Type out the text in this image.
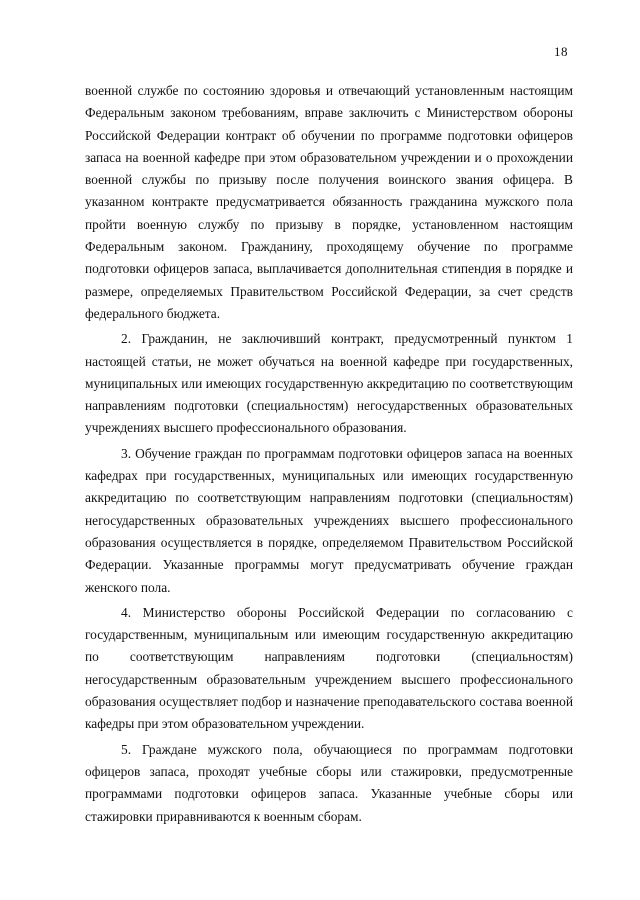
18

военной службе по состоянию здоровья и отвечающий установленным настоящим Федеральным законом требованиям, вправе заключить с Министерством обороны Российской Федерации контракт об обучении по программе подготовки офицеров запаса на военной кафедре при этом образовательном учреждении и о прохождении военной службы по призыву после получения воинского звания офицера. В указанном контракте предусматривается обязанность гражданина мужского пола пройти военную службу по призыву в порядке, установленном настоящим Федеральным законом. Гражданину, проходящему обучение по программе подготовки офицеров запаса, выплачивается дополнительная стипендия в порядке и размере, определяемых Правительством Российской Федерации, за счет средств федерального бюджета.

2. Гражданин, не заключивший контракт, предусмотренный пунктом 1 настоящей статьи, не может обучаться на военной кафедре при государственных, муниципальных или имеющих государственную аккредитацию по соответствующим направлениям подготовки (специальностям) негосударственных образовательных учреждениях высшего профессионального образования.

3. Обучение граждан по программам подготовки офицеров запаса на военных кафедрах при государственных, муниципальных или имеющих государственную аккредитацию по соответствующим направлениям подготовки (специальностям) негосударственных образовательных учреждениях высшего профессионального образования осуществляется в порядке, определяемом Правительством Российской Федерации. Указанные программы могут предусматривать обучение граждан женского пола.

4. Министерство обороны Российской Федерации по согласованию с государственным, муниципальным или имеющим государственную аккредитацию по соответствующим направлениям подготовки (специальностям) негосударственным образовательным учреждением высшего профессионального образования осуществляет подбор и назначение преподавательского состава военной кафедры при этом образовательном учреждении.

5. Граждане мужского пола, обучающиеся по программам подготовки офицеров запаса, проходят учебные сборы или стажировки, предусмотренные программами подготовки офицеров запаса. Указанные учебные сборы или стажировки приравниваются к военным сборам.
